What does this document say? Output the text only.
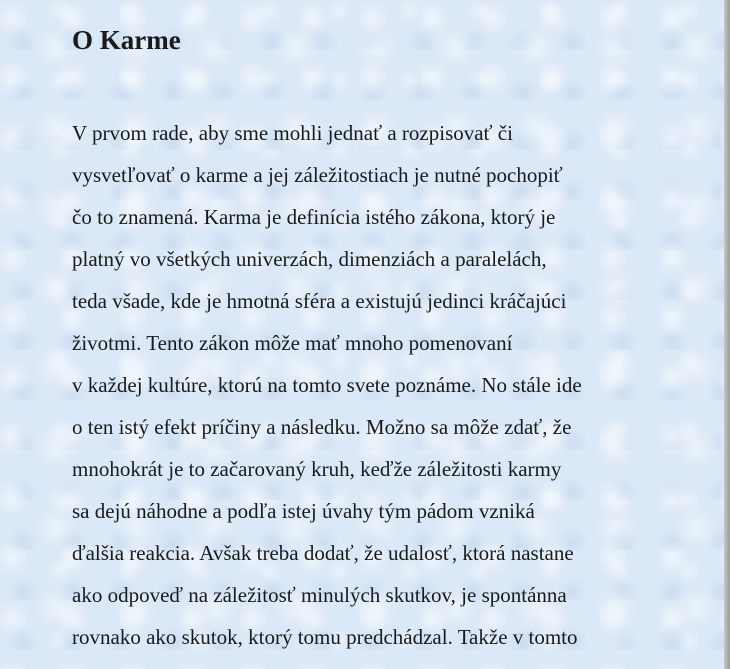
O Karme
V prvom rade, aby sme mohli jednať a rozpisovať či
vysvetľovať o karme a jej záležitostiach je nutné pochopiť
čo to znamená. Karma je definícia istého zákona, ktorý je
platný vo všetkých univerzách, dimenziách a paralelách,
teda všade, kde je hmotná sféra a existujú jedinci kráčajúci
životmi. Tento zákon môže mať mnoho pomenovaní
v každej kultúre, ktorú na tomto svete poznáme. No stále ide
o ten istý efekt príčiny a následku. Možno sa môže zdať, že
mnohokrát je to začarovaný kruh, keďže záležitosti karmy
sa dejú náhodne a podľa istej úvahy tým pádom vzniká
ďalšia reakcia. Avšak treba dodať, že udalosť, ktorá nastane
ako odpoveď na záležitosť minulých skutkov, je spontánna
rovnako ako skutok, ktorý tomu predchádzal. Takže v tomto
